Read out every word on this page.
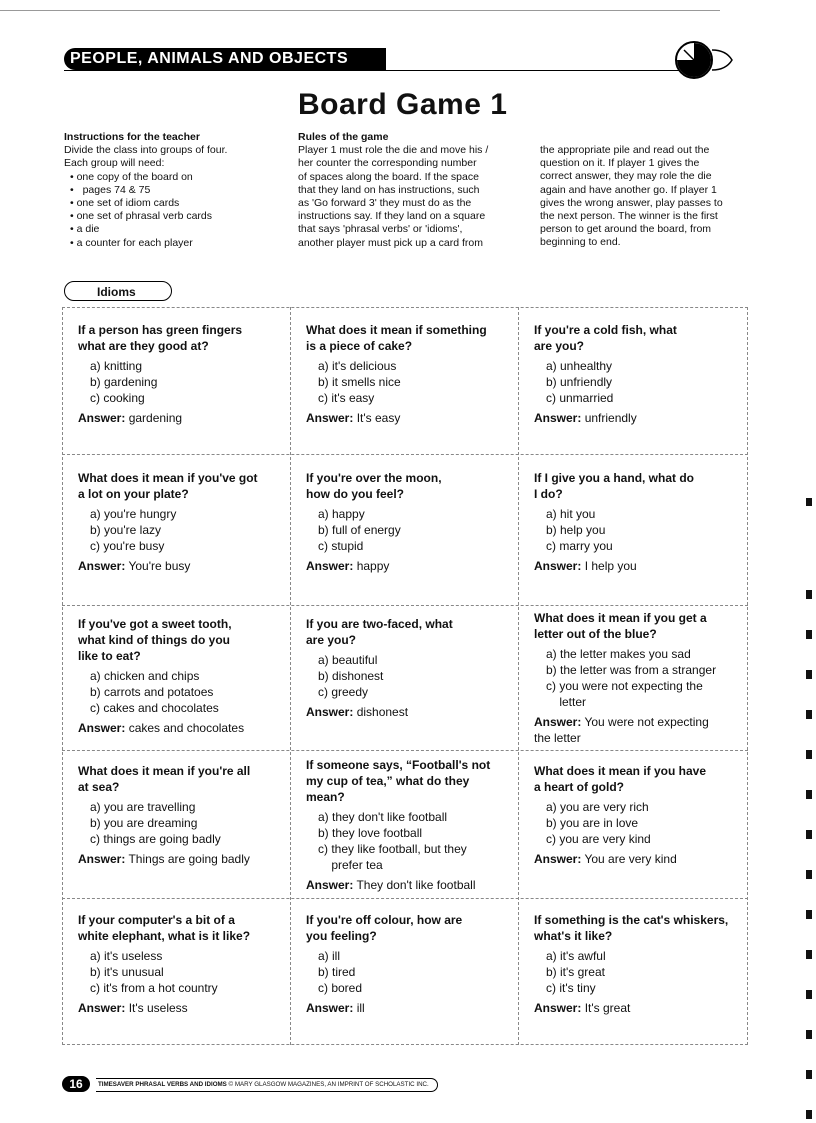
PEOPLE, ANIMALS AND OBJECTS
Board Game 1
Instructions for the teacher

Divide the class into groups of four.

Each group will need:

• one copy of the board on
• pages 74 & 75
• one set of idiom cards
• one set of phrasal verb cards
• a die
• a counter for each player
Rules of the game

Player 1 must role the die and move his /

her counter the corresponding number

of spaces along the board. If the space

that they land on has instructions, such

as 'Go forward 3' they must do as the

instructions say. If they land on a square

that says 'phrasal verbs' or 'idioms',

another player must pick up a card from

the appropriate pile and read out the

question on it. If player 1 gives the

correct answer, they may role the die

again and have another go. If player 1

gives the wrong answer, play passes to

the next person. The winner is the first

person to get around the board, from

beginning to end.

Idioms
If a person has green fingers
what are they good at?
a) knitting
b) gardening
c) cooking
Answer: gardening
What does it mean if something
is a piece of cake?
a) it's delicious
b) it smells nice
c) it's easy
Answer: It's easy
If you're a cold fish, what
are you?
a) unhealthy
b) unfriendly
c) unmarried
Answer: unfriendly
What does it mean if you've got
a lot on your plate?
a) you're hungry
b) you're lazy
c) you're busy
Answer: You're busy
If you're over the moon,
how do you feel?
a) happy
b) full of energy
c) stupid
Answer: happy
If I give you a hand, what do
I do?
a) hit you
b) help you
c) marry you
Answer: I help you
If you've got a sweet tooth,
what kind of things do you
like to eat?
a) chicken and chips
b) carrots and potatoes
c) cakes and chocolates
Answer: cakes and chocolates
If you are two-faced, what
are you?
a) beautiful
b) dishonest
c) greedy
Answer: dishonest
What does it mean if you get a
letter out of the blue?
a) the letter makes you sad
b) the letter was from a stranger
c) you were not expecting the
letter
Answer: You were not expecting
the letter
What does it mean if you're all
at sea?
a) you are travelling
b) you are dreaming
c) things are going badly
Answer: Things are going badly
If someone says, “Football's not
my cup of tea,” what do they
mean?
a) they don't like football
b) they love football
c) they like football, but they
prefer tea
Answer: They don't like football
What does it mean if you have
a heart of gold?
a) you are very rich
b) you are in love
c) you are very kind
Answer: You are very kind
If your computer's a bit of a
white elephant, what is it like?
a) it's useless
b) it's unusual
c) it's from a hot country
Answer: It's useless
If you're off colour, how are
you feeling?
a) ill
b) tired
c) bored
Answer: ill
If something is the cat's whiskers,
what's it like?
a) it's awful
b) it's great
c) it's tiny
Answer: It's great
16	TIMESAVER PHRASAL VERBS AND IDIOMS © MARY GLASGOW MAGAZINES, AN IMPRINT OF SCHOLASTIC INC.
